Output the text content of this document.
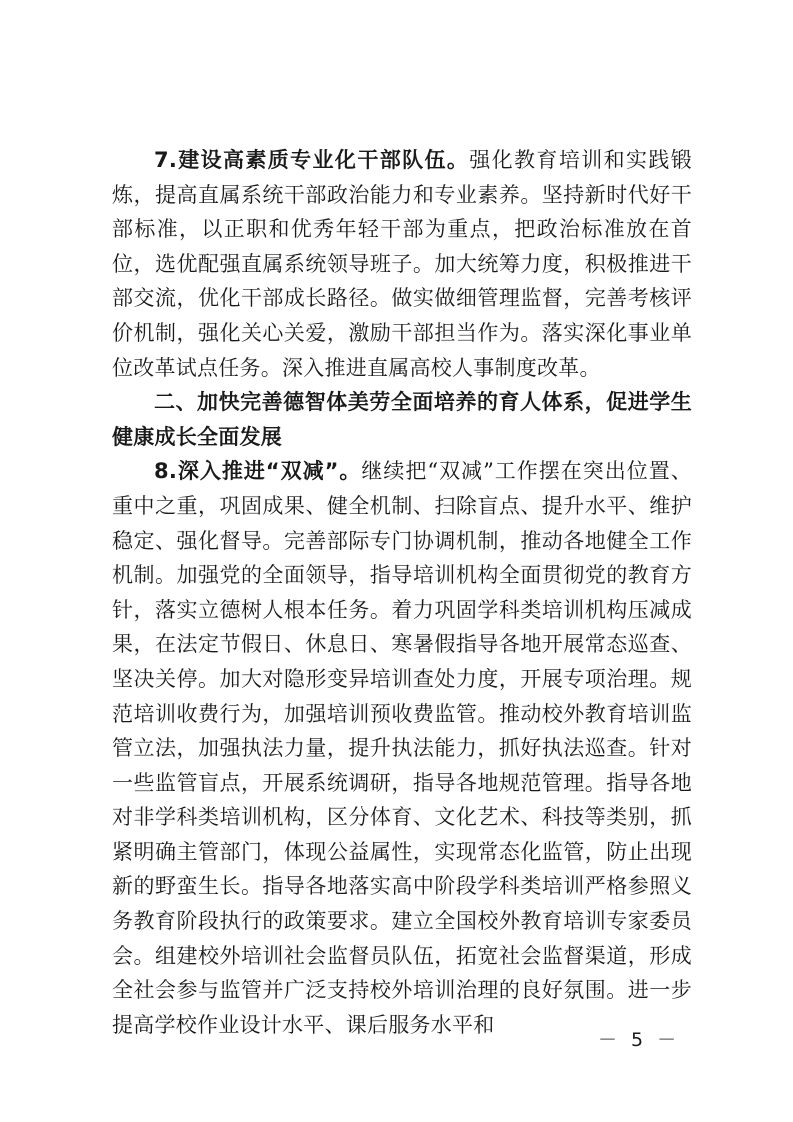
7.建设高素质专业化干部队伍。强化教育培训和实践锻炼，提高直属系统干部政治能力和专业素养。坚持新时代好干部标准，以正职和优秀年轻干部为重点，把政治标准放在首位，选优配强直属系统领导班子。加大统筹力度，积极推进干部交流，优化干部成长路径。做实做细管理监督，完善考核评价机制，强化关心关爱，激励干部担当作为。落实深化事业单位改革试点任务。深入推进直属高校人事制度改革。

二、加快完善德智体美劳全面培养的育人体系，促进学生健康成长全面发展

8.深入推进“双减”。继续把“双减”工作摆在突出位置、重中之重，巩固成果、健全机制、扫除盲点、提升水平、维护稳定、强化督导。完善部际专门协调机制，推动各地健全工作机制。加强党的全面领导，指导培训机构全面贯彻党的教育方针，落实立德树人根本任务。着力巩固学科类培训机构压减成果，在法定节假日、休息日、寒暑假指导各地开展常态巡查、坚决关停。加大对隐形变异培训查处力度，开展专项治理。规范培训收费行为，加强培训预收费监管。推动校外教育培训监管立法，加强执法力量，提升执法能力，抓好执法巡查。针对一些监管盲点，开展系统调研，指导各地规范管理。指导各地对非学科类培训机构，区分体育、文化艺术、科技等类别，抓紧明确主管部门，体现公益属性，实现常态化监管，防止出现新的野蛮生长。指导各地落实高中阶段学科类培训严格参照义务教育阶段执行的政策要求。建立全国校外教育培训专家委员会。组建校外培训社会监督员队伍，拓宽社会监督渠道，形成全社会参与监管并广泛支持校外培训治理的良好氛围。进一步提高学校作业设计水平、课后服务水平和

－ 5 －
